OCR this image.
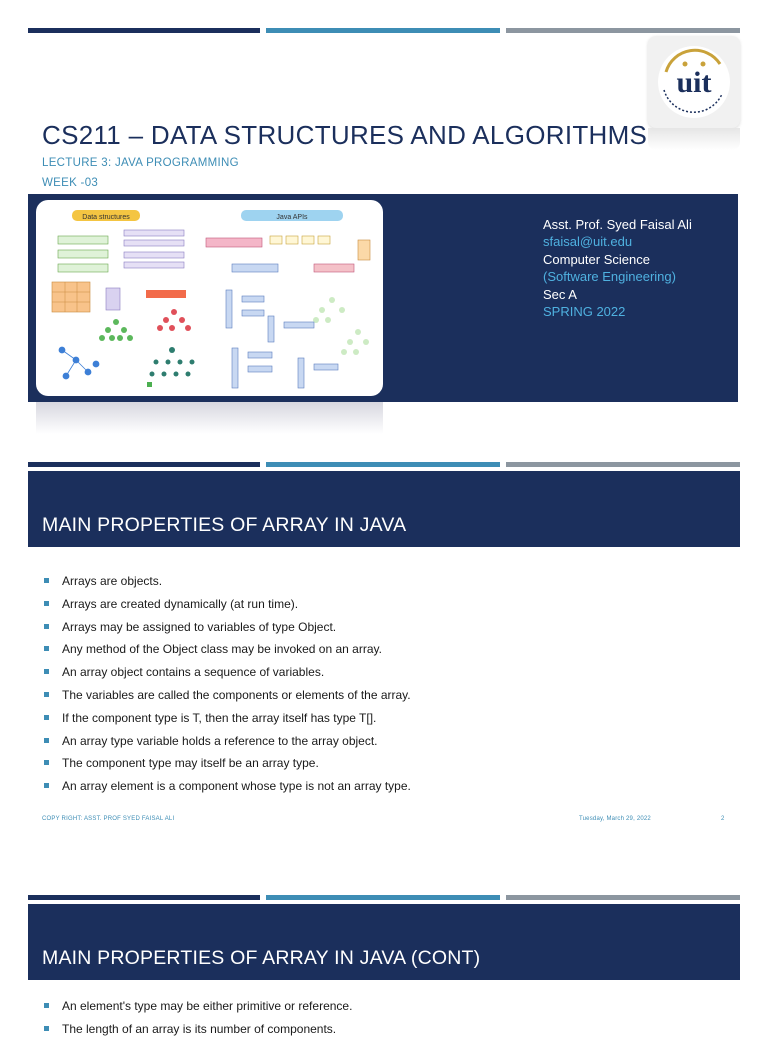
uit
CS211 – DATA STRUCTURES AND ALGORITHMS
LECTURE 3: JAVA PROGRAMMING
WEEK -03
Data structures	Java APIs	Asst. Prof. Syed Faisal Ali
sfaisal@uit.edu
Computer Science
(Software Engineering)
Sec A
SPRING 2022
MAIN PROPERTIES OF ARRAY IN JAVA
Arrays are objects.
Arrays are created dynamically (at run time).
Arrays may be assigned to variables of type Object.
Any method of the Object class may be invoked on an array.
An array object contains a sequence of variables.
The variables are called the components or elements of the array.
If the component type is T, then the array itself has type T[].
An array type variable holds a reference to the array object.
The component type may itself be an array type.
An array element is a component whose type is not an array type.
COPY RIGHT: ASST. PROF SYED FAISAL ALI	Tuesday, March 29, 2022	2
MAIN PROPERTIES OF ARRAY IN JAVA (CONT)
An element's type may be either primitive or reference.
The length of an array is its number of components.
